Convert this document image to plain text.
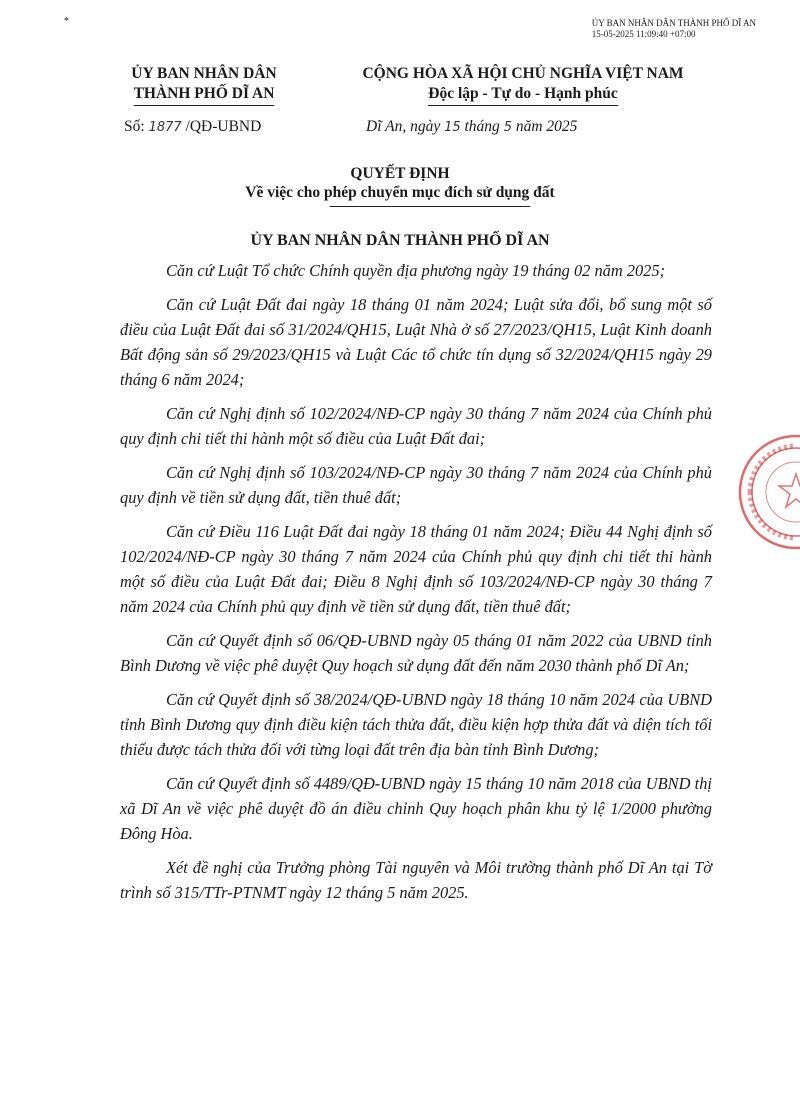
*	ỦY BAN NHÂN DÂN THÀNH PHỐ DĨ AN
15-05-2025 11:09:40 +07:00
ỦY BAN NHÂN DÂN
THÀNH PHỐ DĨ AN
CỘNG HÒA XÃ HỘI CHỦ NGHĨA VIỆT NAM
Độc lập - Tự do - Hạnh phúc
Số: 1877 /QĐ-UBND	Dĩ An, ngày 15 tháng 5 năm 2025
QUYẾT ĐỊNH
Về việc cho phép chuyển mục đích sử dụng đất
ỦY BAN NHÂN DÂN THÀNH PHỐ DĨ AN

Căn cứ Luật Tổ chức Chính quyền địa phương ngày 19 tháng 02 năm 2025;

Căn cứ Luật Đất đai ngày 18 tháng 01 năm 2024; Luật sửa đổi, bổ sung một số điều của Luật Đất đai số 31/2024/QH15, Luật Nhà ở số 27/2023/QH15, Luật Kinh doanh Bất động sản số 29/2023/QH15 và Luật Các tổ chức tín dụng số 32/2024/QH15 ngày 29 tháng 6 năm 2024;

Căn cứ Nghị định số 102/2024/NĐ-CP ngày 30 tháng 7 năm 2024 của Chính phủ quy định chi tiết thi hành một số điều của Luật Đất đai;

Căn cứ Nghị định số 103/2024/NĐ-CP ngày 30 tháng 7 năm 2024 của Chính phủ quy định về tiền sử dụng đất, tiền thuê đất;

Căn cứ Điều 116 Luật Đất đai ngày 18 tháng 01 năm 2024; Điều 44 Nghị định số 102/2024/NĐ-CP ngày 30 tháng 7 năm 2024 của Chính phủ quy định chi tiết thi hành một số điều của Luật Đất đai; Điều 8 Nghị định số 103/2024/NĐ-CP ngày 30 tháng 7 năm 2024 của Chính phủ quy định về tiền sử dụng đất, tiền thuê đất;

Căn cứ Quyết định số 06/QĐ-UBND ngày 05 tháng 01 năm 2022 của UBND tỉnh Bình Dương về việc phê duyệt Quy hoạch sử dụng đất đến năm 2030 thành phố Dĩ An;

Căn cứ Quyết định số 38/2024/QĐ-UBND ngày 18 tháng 10 năm 2024 của UBND tỉnh Bình Dương quy định điều kiện tách thửa đất, điều kiện hợp thửa đất và diện tích tối thiểu được tách thửa đối với từng loại đất trên địa bàn tỉnh Bình Dương;

Căn cứ Quyết định số 4489/QĐ-UBND ngày 15 tháng 10 năm 2018 của UBND thị xã Dĩ An về việc phê duyệt đồ án điều chỉnh Quy hoạch phân khu tỷ lệ 1/2000 phường Đông Hòa.

Xét đề nghị của Trưởng phòng Tài nguyên và Môi trường thành phố Dĩ An tại Tờ trình số 315/TTr-PTNMT ngày 12 tháng 5 năm 2025.
